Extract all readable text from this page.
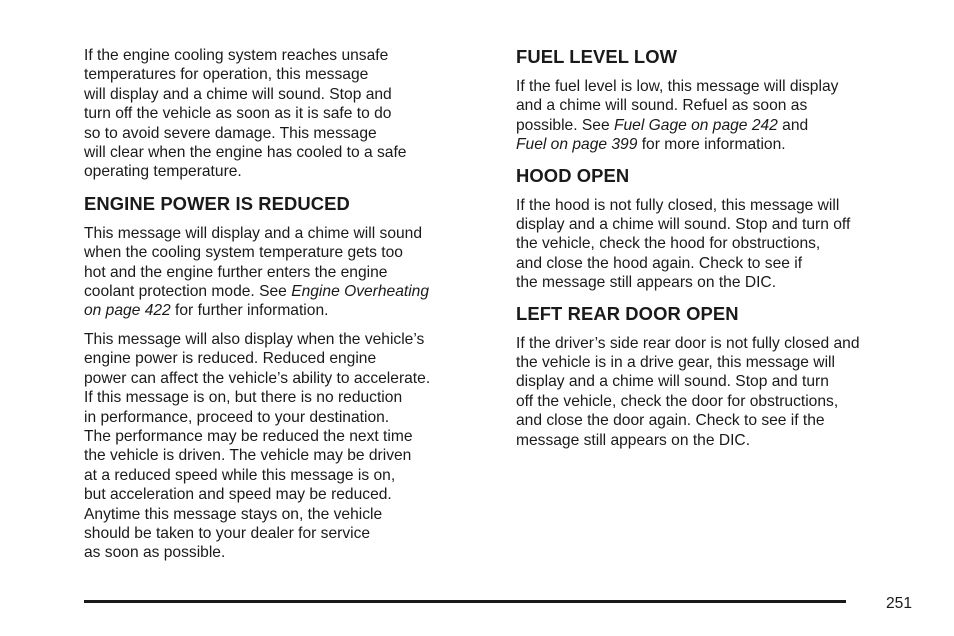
If the engine cooling system reaches unsafe
temperatures for operation, this message
will display and a chime will sound. Stop and
turn off the vehicle as soon as it is safe to do
so to avoid severe damage. This message
will clear when the engine has cooled to a safe
operating temperature.

ENGINE POWER IS REDUCED

This message will display and a chime will sound
when the cooling system temperature gets too
hot and the engine further enters the engine
coolant protection mode. See Engine Overheating
on page 422 for further information.

This message will also display when the vehicle’s
engine power is reduced. Reduced engine
power can affect the vehicle’s ability to accelerate.
If this message is on, but there is no reduction
in performance, proceed to your destination.
The performance may be reduced the next time
the vehicle is driven. The vehicle may be driven
at a reduced speed while this message is on,
but acceleration and speed may be reduced.
Anytime this message stays on, the vehicle
should be taken to your dealer for service
as soon as possible.

FUEL LEVEL LOW

If the fuel level is low, this message will display
and a chime will sound. Refuel as soon as
possible. See Fuel Gage on page 242 and
Fuel on page 399 for more information.

HOOD OPEN

If the hood is not fully closed, this message will
display and a chime will sound. Stop and turn off
the vehicle, check the hood for obstructions,
and close the hood again. Check to see if
the message still appears on the DIC.

LEFT REAR DOOR OPEN

If the driver’s side rear door is not fully closed and
the vehicle is in a drive gear, this message will
display and a chime will sound. Stop and turn
off the vehicle, check the door for obstructions,
and close the door again. Check to see if the
message still appears on the DIC.

251
